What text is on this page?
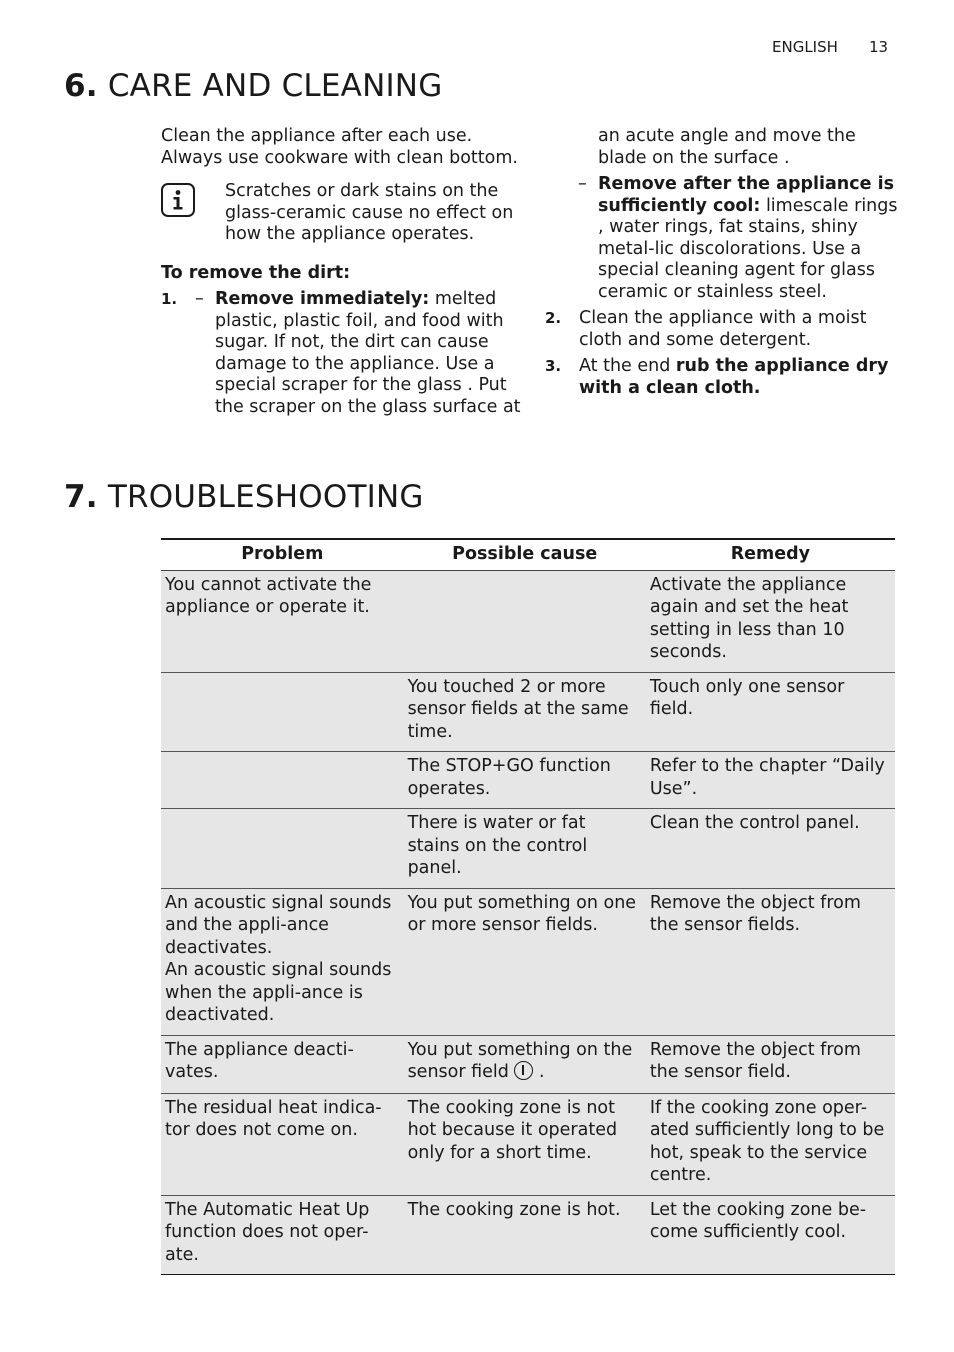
ENGLISH 13
6. CARE AND CLEANING

Clean the appliance after each use.

Always use cookware with clean bottom.

Scratches or dark stains on the glass-ceramic cause no effect on how the appliance operates.

To remove the dirt:

1. – Remove immediately: melted plastic, plastic foil, and food with sugar. If not, the dirt can cause damage to the appliance. Use a special scraper for the glass . Put the scraper on the glass surface at

an acute angle and move the blade on the surface .

– Remove after the appliance is sufficiently cool: limescale rings , water rings, fat stains, shiny metal-lic discolorations. Use a special cleaning agent for glass ceramic or stainless steel.
2. Clean the appliance with a moist cloth and some detergent.
3. At the end rub the appliance dry with a clean cloth.
7. TROUBLESHOOTING
Problem	Possible cause	Remedy
You cannot activate the appliance or operate it.		Activate the appliance again and set the heat setting in less than 10 seconds.
	You touched 2 or more sensor fields at the same time.	Touch only one sensor field.
	The STOP+GO function operates.	Refer to the chapter “Daily Use”.
	There is water or fat stains on the control panel.	Clean the control panel.

An acoustic signal sounds and the appli-ance deactivates.
An acoustic signal sounds when the appli-ance is deactivated.	You put something on one or more sensor fields.	Remove the object from the sensor fields.
The appliance deacti-vates.	You put something on the sensor field  .	Remove the object from the sensor field.
The residual heat indica-tor does not come on.	The cooking zone is not hot because it operated only for a short time.	If the cooking zone oper-ated sufficiently long to be hot, speak to the service centre.
The Automatic Heat Up function does not oper-ate.	The cooking zone is hot.	Let the cooking zone be-come sufficiently cool.
